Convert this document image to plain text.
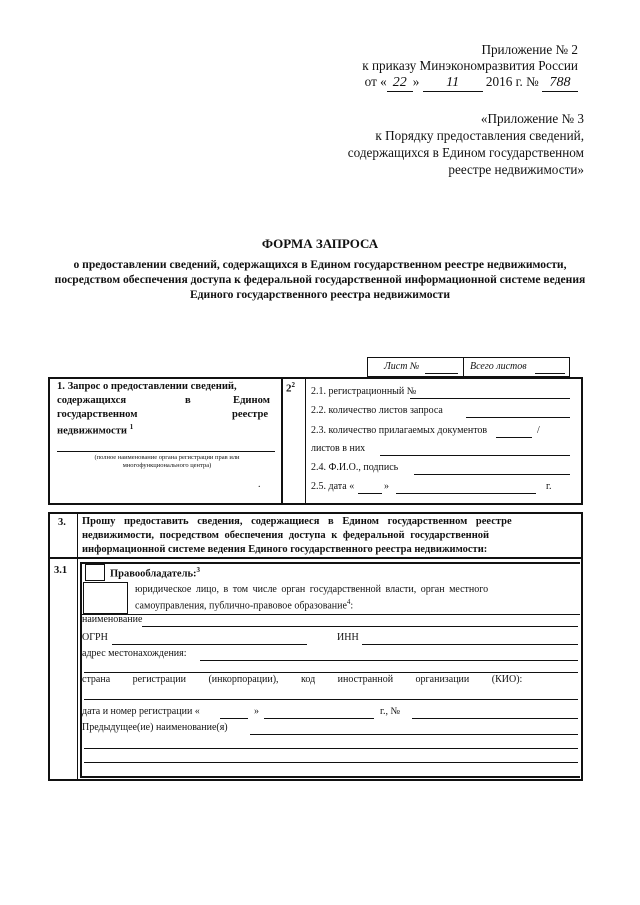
Приложение № 2
к приказу Минэкономразвития России
от « 22 » 11 2016 г. № 788
«Приложение № 3
к Порядку предоставления сведений,
содержащихся в Едином государственном
реестре недвижимости»
ФОРМА ЗАПРОСА
о предоставлении сведений, содержащихся в Едином государственном реестре недвижимости, посредством обеспечения доступа к федеральной государственной информационной системе ведения Единого государственного реестра недвижимости
Лист №	Всего листов
1. Запрос о предоставлении сведений,
содержащихся	в	Едином
государственном	реестре
недвижимости $^1$
(полное наименование органа регистрации прав или многофункционального центра)
.
$2^2$
2.1. регистрационный №
2.2. количество листов запроса
2.3. количество прилагаемых документов	/
листов в них
2.4. Ф.И.О., подпись
2.5. дата «	»	г.
3. Прошу предоставить сведения, содержащиеся в Едином государственном реестре
недвижимости, посредством обеспечения доступа к федеральной государственной
информационной системе ведения Единого государственного реестра недвижимости:
3.1	Правообладатель:$^3$
юридическое лицо, в том числе орган государственной власти, орган местного
самоуправления, публично-правовое образование$^4$:
наименование
ОГРН	ИНН
адрес местонахождения:
страна регистрации (инкорпорации), код иностранной организации (КИО):
дата и номер регистрации «	»	г., №
Предыдущее(ие) наименование(я)
